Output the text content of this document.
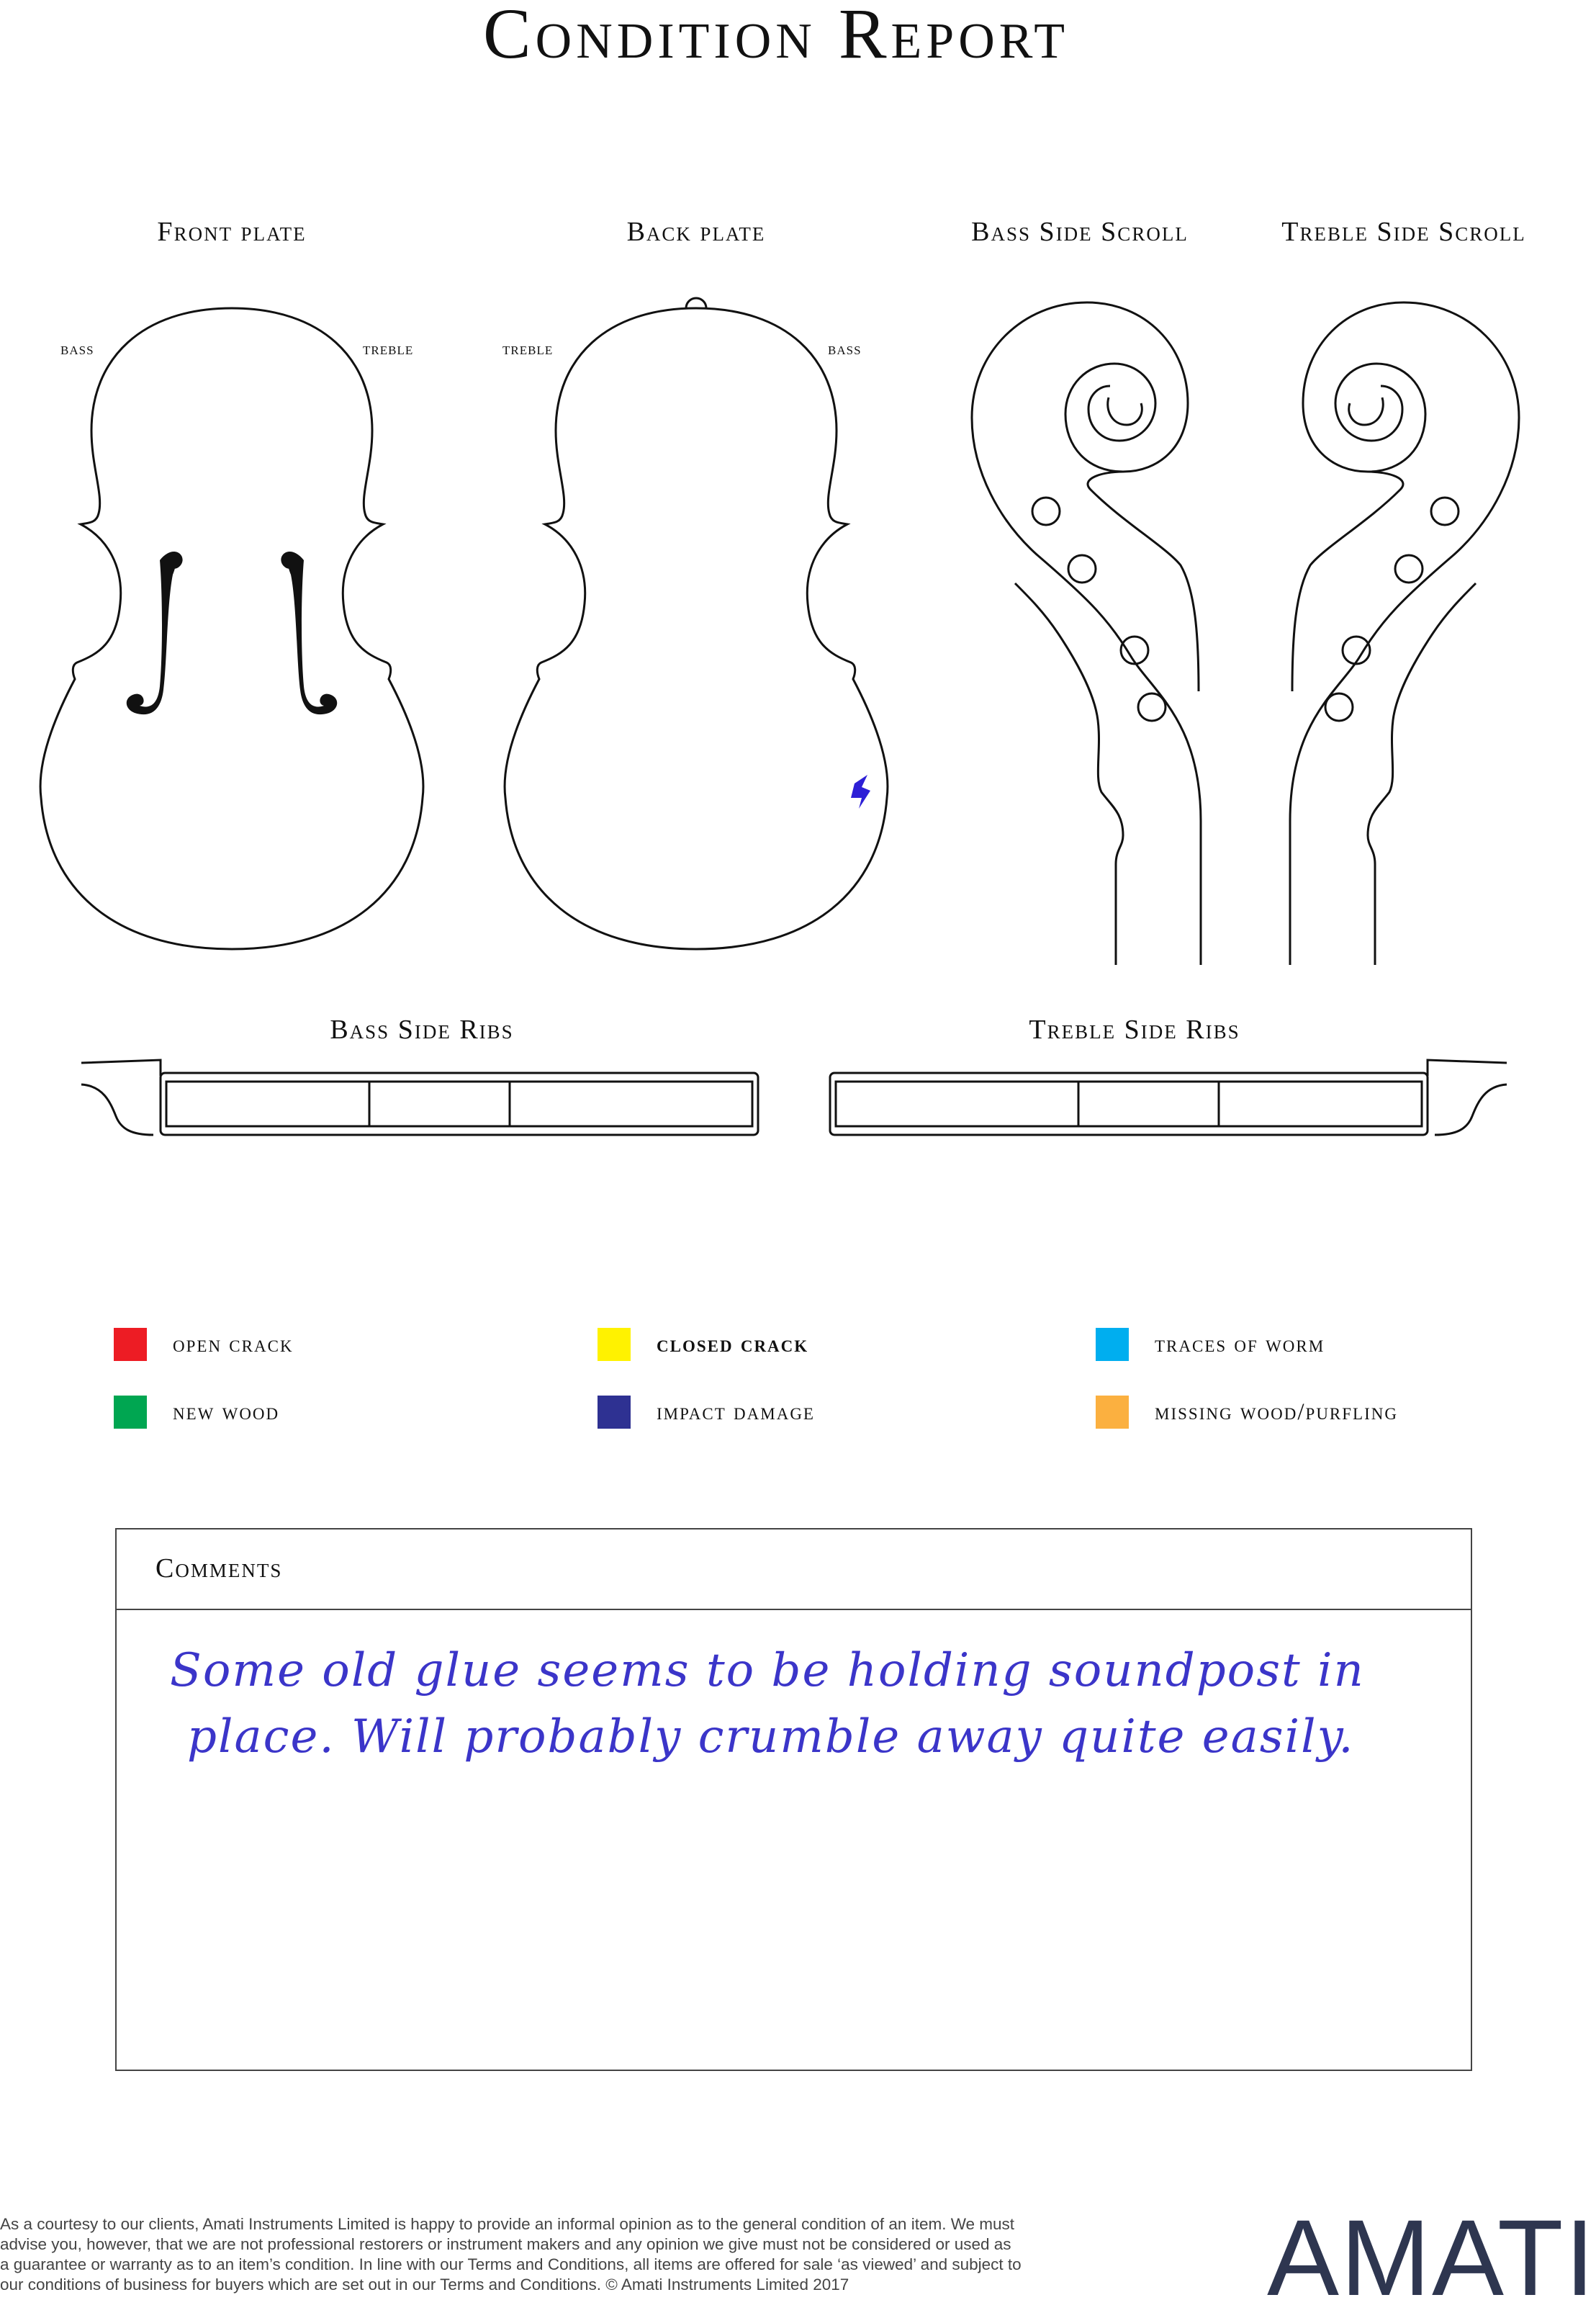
Condition Report
Front plate	Back plate	Bass Side Scroll	Treble Side Scroll
Bass Side Ribs	Treble Side Ribs
bass	treble	treble	bass
open crack	closed crack	traces of worm
new wood	impact damage	missing wood/purfling
Comments
Some old glue seems to be holding soundpost in
place. Will probably crumble away quite easily.
As a courtesy to our clients, Amati Instruments Limited is happy to provide an informal opinion as to the general condition of an item. We must
advise you, however, that we are not professional restorers or instrument makers and any opinion we give must not be considered or used as
a guarantee or warranty as to an item’s condition. In line with our Terms and Conditions, all items are offered for sale ‘as viewed’ and subject to
our conditions of business for buyers which are set out in our Terms and Conditions. © Amati Instruments Limited 2017	AMATI
